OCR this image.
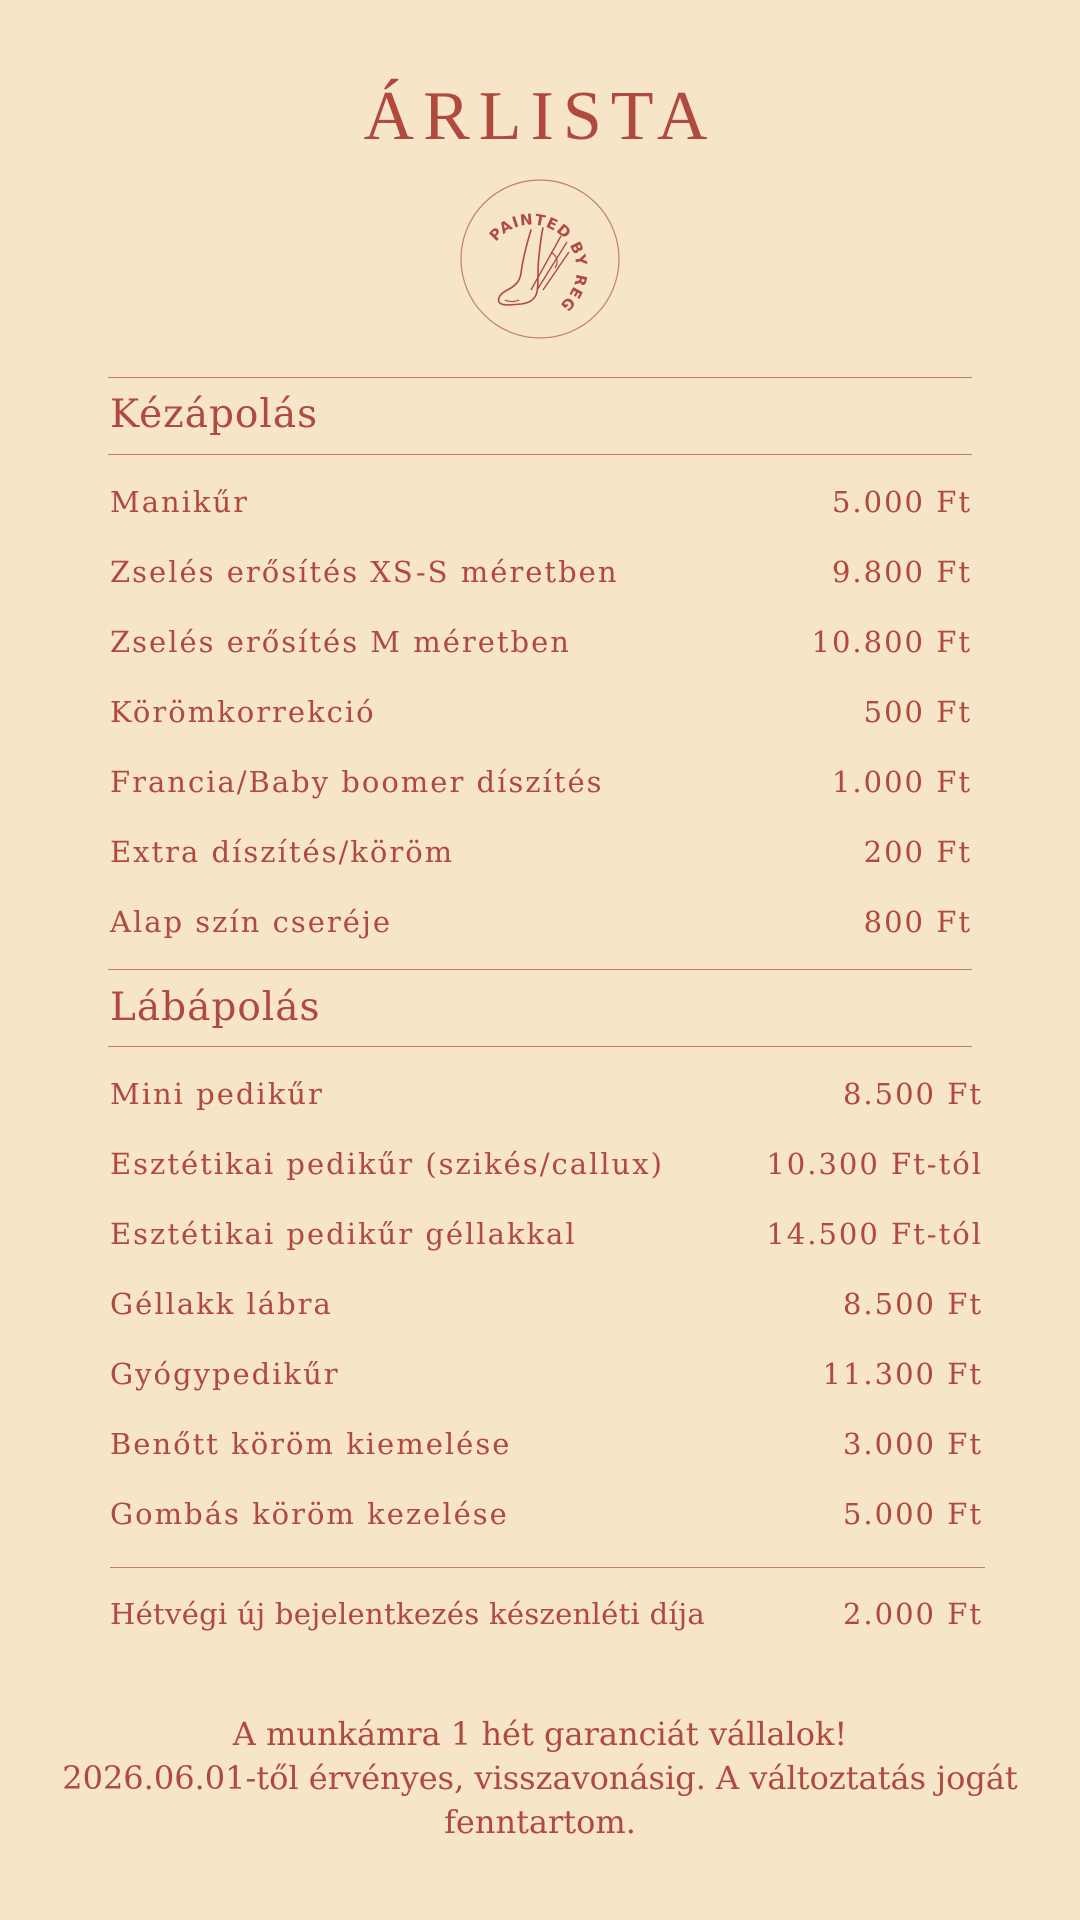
ÁRLISTA
PAINTED BY REG
Kézápolás
Manikűr	5.000 Ft
Zselés erősítés XS-S méretben	9.800 Ft
Zselés erősítés M méretben	10.800 Ft
Körömkorrekció	500 Ft
Francia/Baby boomer díszítés	1.000 Ft
Extra díszítés/köröm	200 Ft
Alap szín cseréje	800 Ft
Lábápolás
Mini pedikűr	8.500 Ft
Esztétikai pedikűr (szikés/callux)	10.300 Ft-tól
Esztétikai pedikűr géllakkal	14.500 Ft-tól
Géllakk lábra	8.500 Ft
Gyógypedikűr	11.300 Ft
Benőtt köröm kiemelése	3.000 Ft
Gombás köröm kezelése	5.000 Ft
Hétvégi új bejelentkezés készenléti díja	2.000 Ft
A munkámra 1 hét garanciát vállalok!
2026.06.01-től érvényes, visszavonásig. A változtatás jogát
fenntartom.
